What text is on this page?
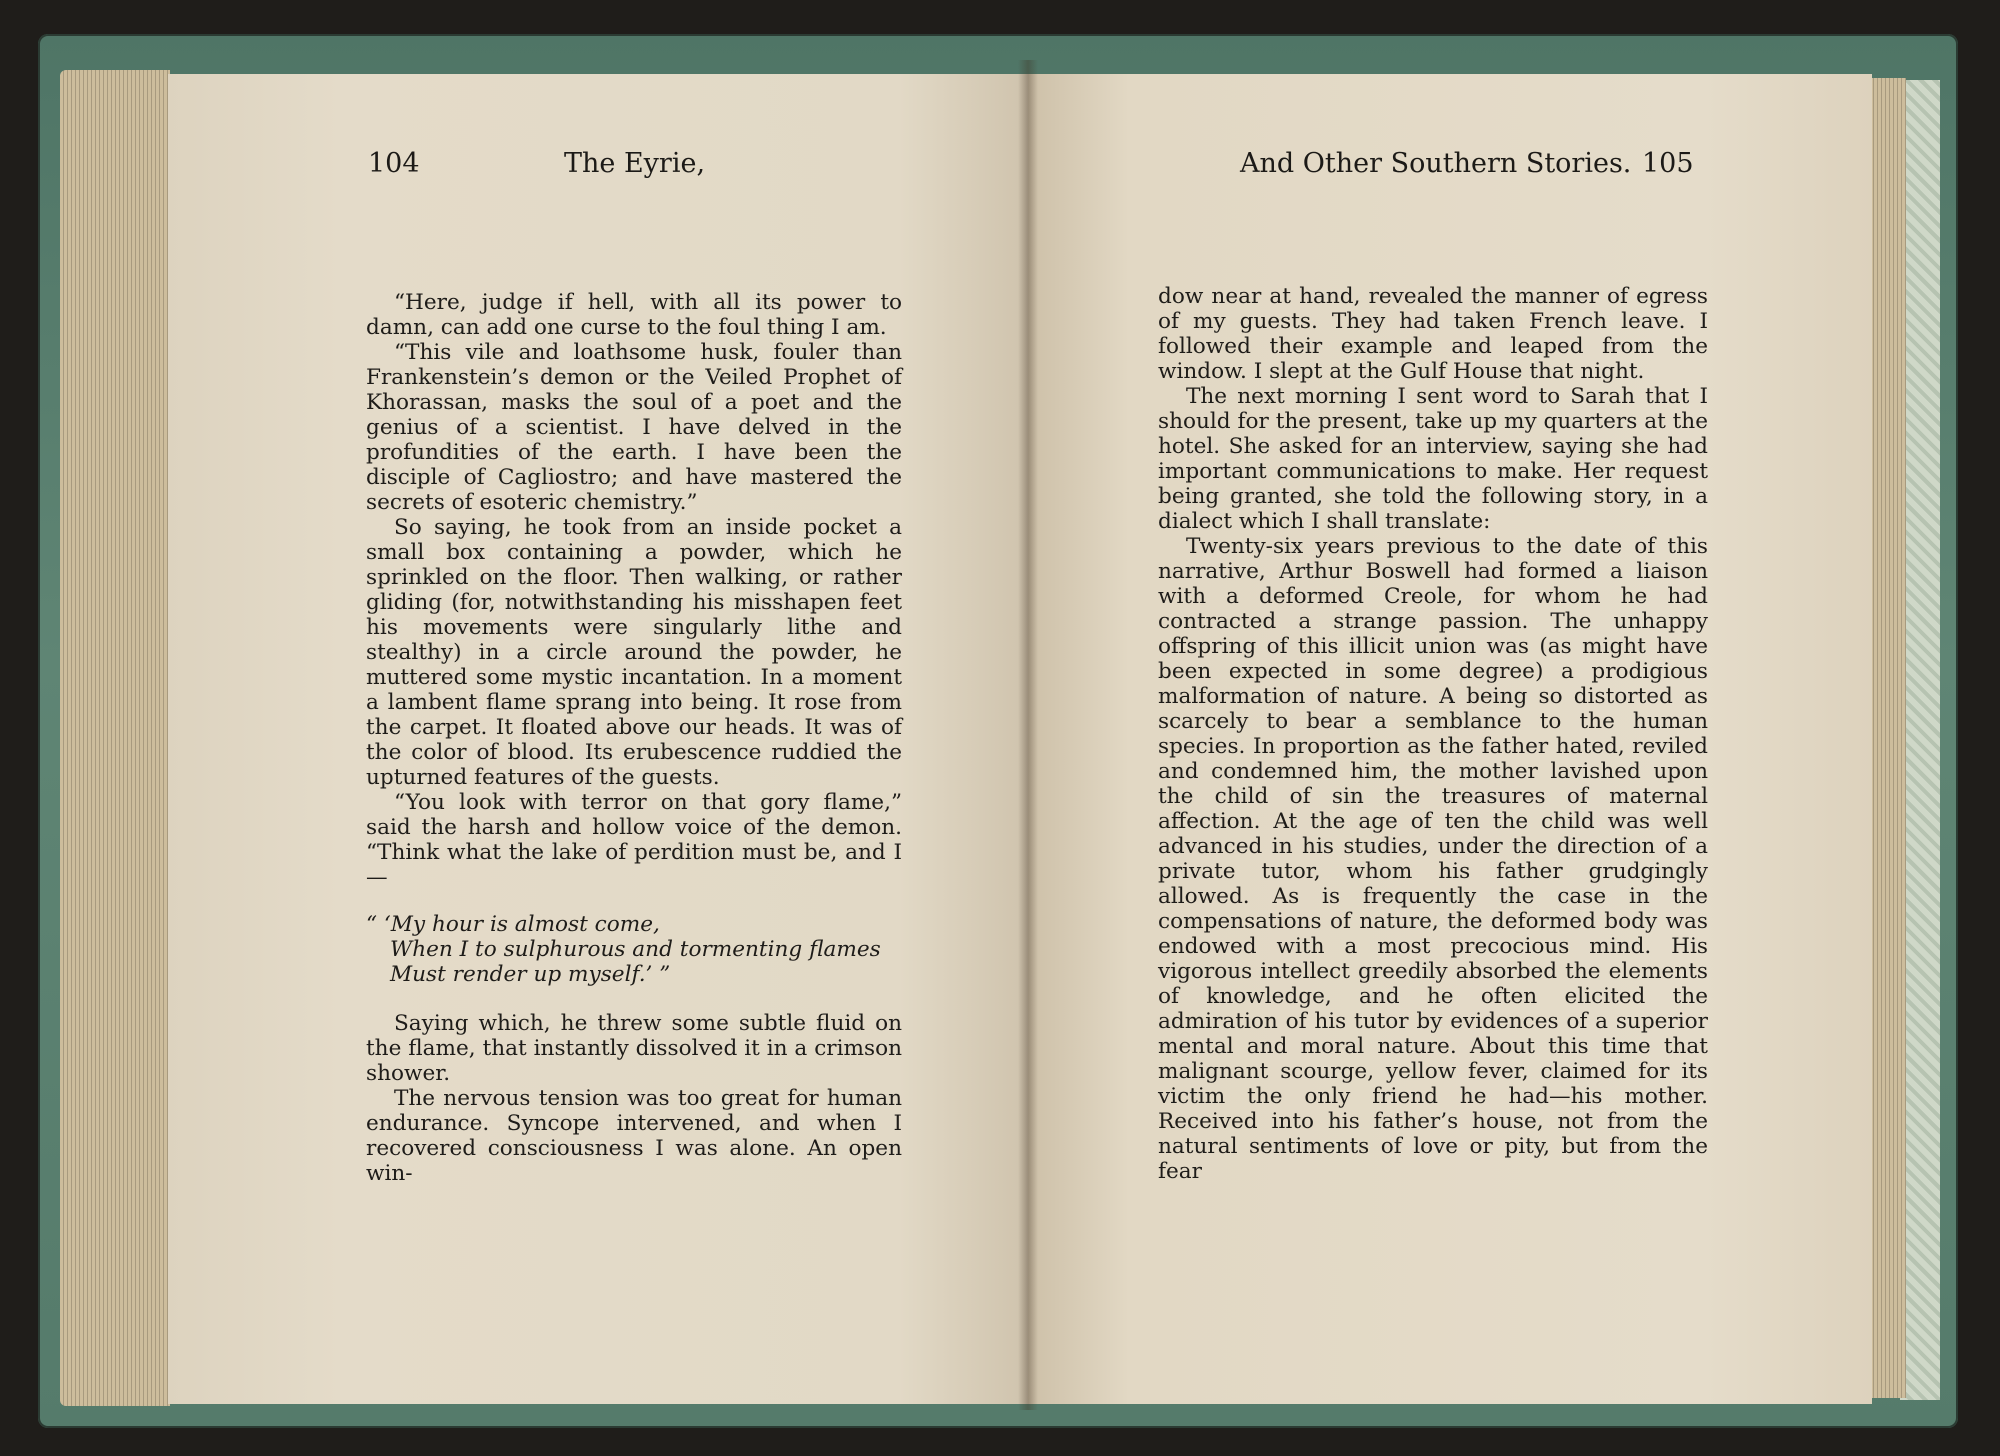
104	The Eyrie,	And Other Southern Stories. 105

“Here, judge if hell, with all its power to damn, can add one curse to the foul thing I am.

“This vile and loathsome husk, fouler than Frankenstein’s demon or the Veiled Prophet of Khorassan, masks the soul of a poet and the genius of a scientist. I have delved in the profundities of the earth. I have been the disciple of Cagliostro; and have mastered the secrets of esoteric chemistry.”

So saying, he took from an inside pocket a small box containing a powder, which he sprinkled on the floor. Then walking, or rather gliding (for, notwithstanding his misshapen feet his movements were singularly lithe and stealthy) in a circle around the powder, he muttered some mystic incantation. In a moment a lambent flame sprang into being. It rose from the carpet. It floated above our heads. It was of the color of blood. Its erubescence ruddied the upturned features of the guests.

“You look with terror on that gory flame,” said the harsh and hollow voice of the demon. “Think what the lake of perdition must be, and I—

“ ‘My hour is almost come,
When I to sulphurous and tormenting flames
Must render up myself.’ ”

Saying which, he threw some subtle fluid on the flame, that instantly dissolved it in a crimson shower.

The nervous tension was too great for human endurance. Syncope intervened, and when I recovered consciousness I was alone. An open win-

dow near at hand, revealed the manner of egress of my guests. They had taken French leave. I followed their example and leaped from the window. I slept at the Gulf House that night.

The next morning I sent word to Sarah that I should for the present, take up my quarters at the hotel. She asked for an interview, saying she had important communications to make. Her request being granted, she told the following story, in a dialect which I shall translate:

Twenty-six years previous to the date of this narrative, Arthur Boswell had formed a liaison with a deformed Creole, for whom he had contracted a strange passion. The unhappy offspring of this illicit union was (as might have been expected in some degree) a prodigious malformation of nature. A being so distorted as scarcely to bear a semblance to the human species. In proportion as the father hated, reviled and condemned him, the mother lavished upon the child of sin the treasures of maternal affection. At the age of ten the child was well advanced in his studies, under the direction of a private tutor, whom his father grudgingly allowed. As is frequently the case in the compensations of nature, the deformed body was endowed with a most precocious mind. His vigorous intellect greedily absorbed the elements of knowledge, and he often elicited the admiration of his tutor by evidences of a superior mental and moral nature. About this time that malignant scourge, yellow fever, claimed for its victim the only friend he had—his mother. Received into his father’s house, not from the natural sentiments of love or pity, but from the fear
